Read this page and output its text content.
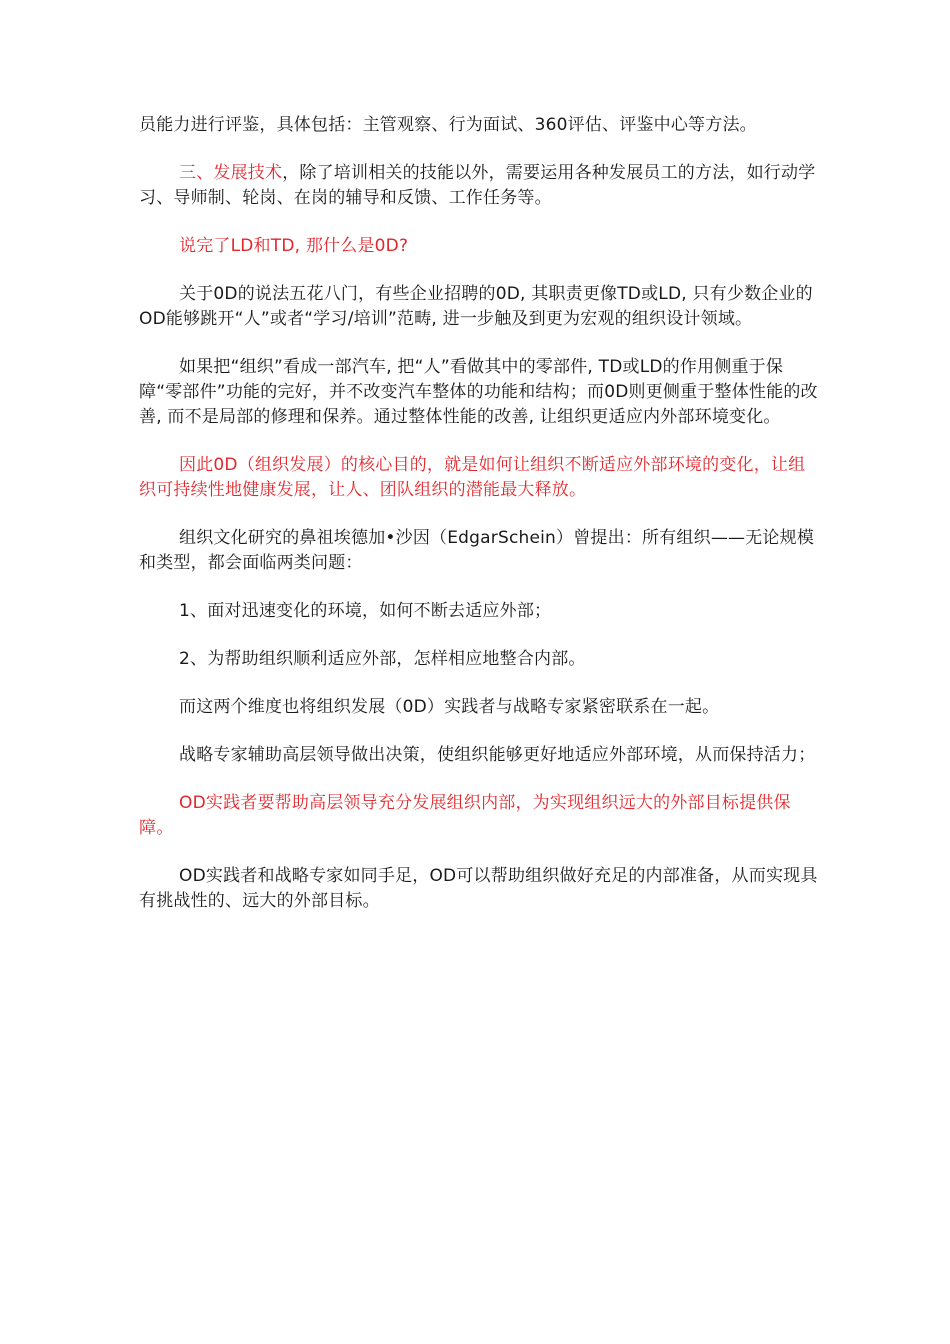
员能力进行评鉴，具体包括：主管观察、行为面试、360评估、评鉴中心等方法。

三、发展技术，除了培训相关的技能以外，需要运用各种发展员工的方法，如行动学习、导师制、轮岗、在岗的辅导和反馈、工作任务等。

说完了LD和TD, 那什么是0D?

关于0D的说法五花八门，有些企业招聘的0D, 其职责更像TD或LD, 只有少数企业的OD能够跳开“人”或者“学习/培训”范畴, 进一步触及到更为宏观的组织设计领域。

如果把“组织”看成一部汽车, 把“人”看做其中的零部件, TD或LD的作用侧重于保障“零部件”功能的完好，并不改变汽车整体的功能和结构；而0D则更侧重于整体性能的改善, 而不是局部的修理和保养。通过整体性能的改善, 让组织更适应内外部环境变化。

因此0D（组织发展）的核心目的，就是如何让组织不断适应外部环境的变化，让组织可持续性地健康发展，让人、团队组织的潜能最大释放。

组织文化研究的鼻祖埃德加•沙因（EdgarSchein）曾提出：所有组织——无论规模和类型，都会面临两类问题：

1、面对迅速变化的环境，如何不断去适应外部；

2、为帮助组织顺利适应外部，怎样相应地整合内部。

而这两个维度也将组织发展（0D）实践者与战略专家紧密联系在一起。

战略专家辅助高层领导做出决策，使组织能够更好地适应外部环境，从而保持活力；

OD实践者要帮助高层领导充分发展组织内部，为实现组织远大的外部目标提供保障。

OD实践者和战略专家如同手足，OD可以帮助组织做好充足的内部准备，从而实现具有挑战性的、远大的外部目标。
